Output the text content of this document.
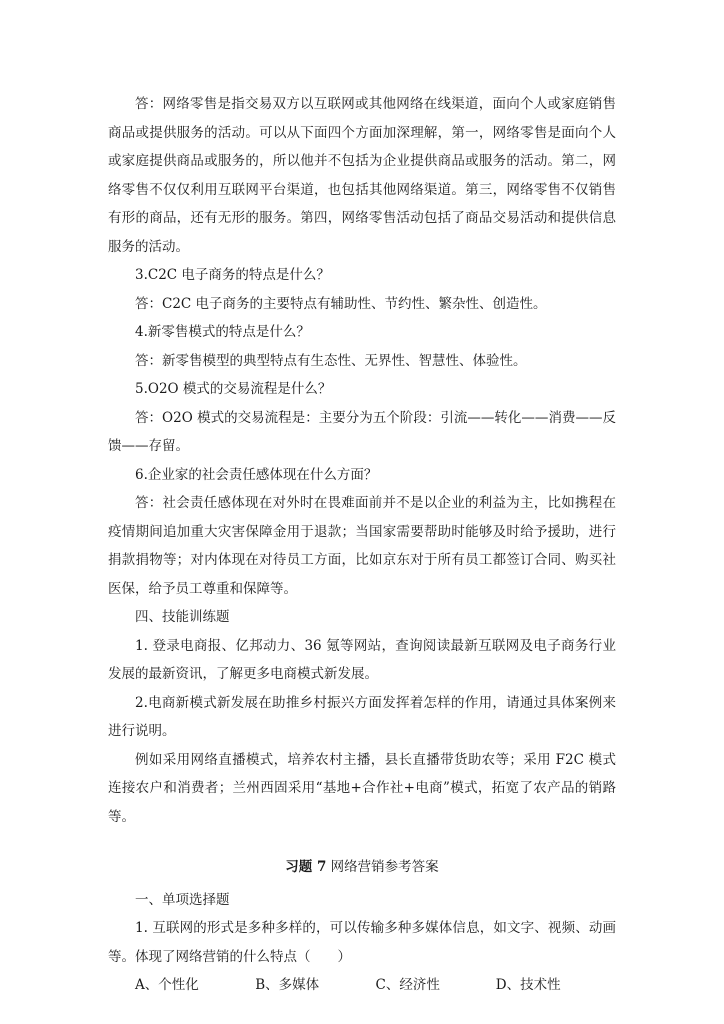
答：网络零售是指交易双方以互联网或其他网络在线渠道，面向个人或家庭销售商品或提供服务的活动。可以从下面四个方面加深理解，第一，网络零售是面向个人或家庭提供商品或服务的，所以他并不包括为企业提供商品或服务的活动。第二，网络零售不仅仅利用互联网平台渠道，也包括其他网络渠道。第三，网络零售不仅销售有形的商品，还有无形的服务。第四，网络零售活动包括了商品交易活动和提供信息服务的活动。

3.C2C 电子商务的特点是什么？

答：C2C 电子商务的主要特点有辅助性、节约性、繁杂性、创造性。

4.新零售模式的特点是什么？

答：新零售模型的典型特点有生态性、无界性、智慧性、体验性。

5.O2O 模式的交易流程是什么？

答：O2O 模式的交易流程是：主要分为五个阶段：引流——转化——消费——反馈——存留。

6.企业家的社会责任感体现在什么方面？

答：社会责任感体现在对外时在畏难面前并不是以企业的利益为主，比如携程在疫情期间追加重大灾害保障金用于退款；当国家需要帮助时能够及时给予援助，进行捐款捐物等；对内体现在对待员工方面，比如京东对于所有员工都签订合同、购买社医保，给予员工尊重和保障等。

四、技能训练题

1. 登录电商报、亿邦动力、36 氪等网站，查询阅读最新互联网及电子商务行业发展的最新资讯，了解更多电商模式新发展。

2.电商新模式新发展在助推乡村振兴方面发挥着怎样的作用，请通过具体案例来进行说明。

例如采用网络直播模式，培养农村主播，县长直播带货助农等；采用 F2C 模式连接农户和消费者；兰州西固采用“基地+合作社+电商”模式，拓宽了农产品的销路等。

习题 7 网络营销参考答案

一、单项选择题

1. 互联网的形式是多种多样的，可以传输多种多媒体信息，如文字、视频、动画等。体现了网络营销的什么特点（　　）

A、个性化	B、多媒体	C、经济性	D、技术性
